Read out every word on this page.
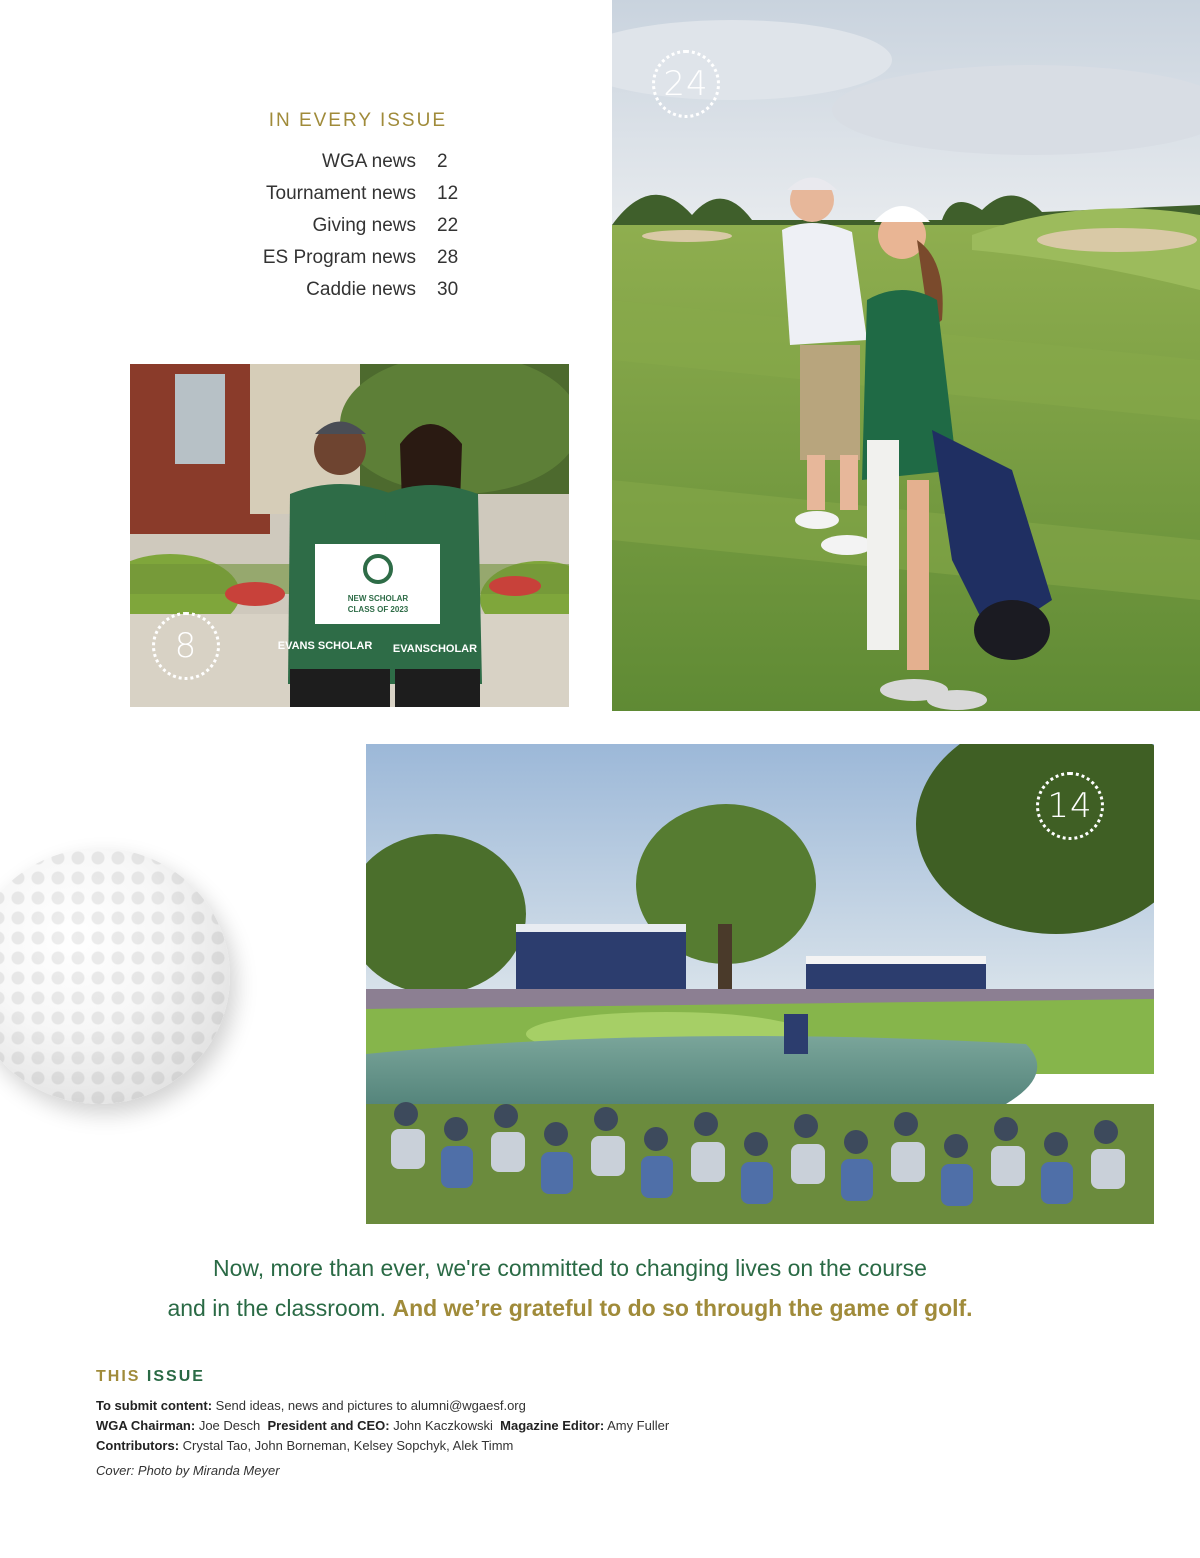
IN EVERY ISSUE
WGA news 2
Tournament news 12
Giving news 22
ES Program news 28
Caddie news 30
24
NEW SCHOLAR
CLASS OF 2023
EVANS SCHOLAR EVANSCHOLAR
8
14
Now, more than ever, we're committed to changing lives on the course
and in the classroom. And we’re grateful to do so through the game of golf.
THIS ISSUE
To submit content: Send ideas, news and pictures to alumni@wgaesf.org
WGA Chairman: Joe Desch President and CEO: John Kaczkowski Magazine Editor: Amy Fuller
Contributors: Crystal Tao, John Borneman, Kelsey Sopchyk, Alek Timm
Cover: Photo by Miranda Meyer
